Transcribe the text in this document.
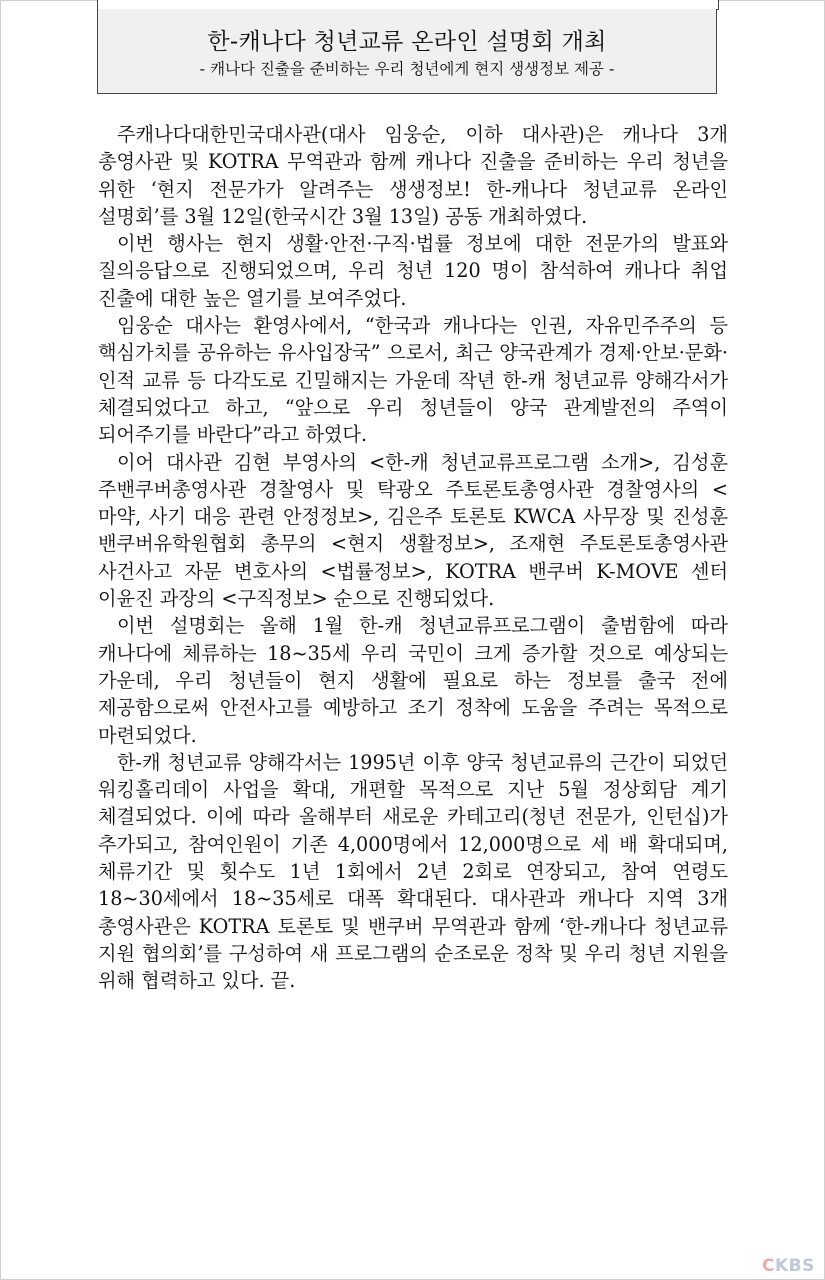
한-캐나다 청년교류 온라인 설명회 개최
- 캐나다 진출을 준비하는 우리 청년에게 현지 생생정보 제공 -

주캐나다대한민국대사관(대사 임웅순, 이하 대사관)은 캐나다 3개 총영사관 및 KOTRA 무역관과 함께 캐나다 진출을 준비하는 우리 청년을 위한 ‘현지 전문가가 알려주는 생생정보! 한-캐나다 청년교류 온라인 설명회’를 3월 12일(한국시간 3월 13일) 공동 개최하였다.

이번 행사는 현지 생활·안전·구직·법률 정보에 대한 전문가의 발표와 질의응답으로 진행되었으며, 우리 청년 120 명이 참석하여 캐나다 취업 진출에 대한 높은 열기를 보여주었다.

임웅순 대사는 환영사에서, “한국과 캐나다는 인권, 자유민주주의 등 핵심가치를 공유하는 유사입장국” 으로서, 최근 양국관계가 경제·안보·문화·인적 교류 등 다각도로 긴밀해지는 가운데 작년 한-캐 청년교류 양해각서가 체결되었다고 하고, “앞으로 우리 청년들이 양국 관계발전의 주역이 되어주기를 바란다”라고 하였다.

이어 대사관 김현 부영사의 <한-캐 청년교류프로그램 소개>, 김성훈 주밴쿠버총영사관 경찰영사 및 탁광오 주토론토총영사관 경찰영사의 <마약, 사기 대응 관련 안정정보>, 김은주 토론토 KWCA 사무장 및 진성훈 밴쿠버유학원협회 총무의 <현지 생활정보>, 조재현 주토론토총영사관 사건사고 자문 변호사의 <법률정보>, KOTRA 밴쿠버 K-MOVE 센터 이윤진 과장의 <구직정보> 순으로 진행되었다.

이번 설명회는 올해 1월 한-캐 청년교류프로그램이 출범함에 따라 캐나다에 체류하는 18~35세 우리 국민이 크게 증가할 것으로 예상되는 가운데, 우리 청년들이 현지 생활에 필요로 하는 정보를 출국 전에 제공함으로써 안전사고를 예방하고 조기 정착에 도움을 주려는 목적으로 마련되었다.

한-캐 청년교류 양해각서는 1995년 이후 양국 청년교류의 근간이 되었던 워킹홀리데이 사업을 확대, 개편할 목적으로 지난 5월 정상회담 계기 체결되었다. 이에 따라 올해부터 새로운 카테고리(청년 전문가, 인턴십)가 추가되고, 참여인원이 기존 4,000명에서 12,000명으로 세 배 확대되며, 체류기간 및 횟수도 1년 1회에서 2년 2회로 연장되고, 참여 연령도 18~30세에서 18~35세로 대폭 확대된다. 대사관과 캐나다 지역 3개 총영사관은 KOTRA 토론토 및 밴쿠버 무역관과 함께 ‘한-캐나다 청년교류 지원 협의회’를 구성하여 새 프로그램의 순조로운 정착 및 우리 청년 지원을 위해 협력하고 있다. 끝.

CKBS
